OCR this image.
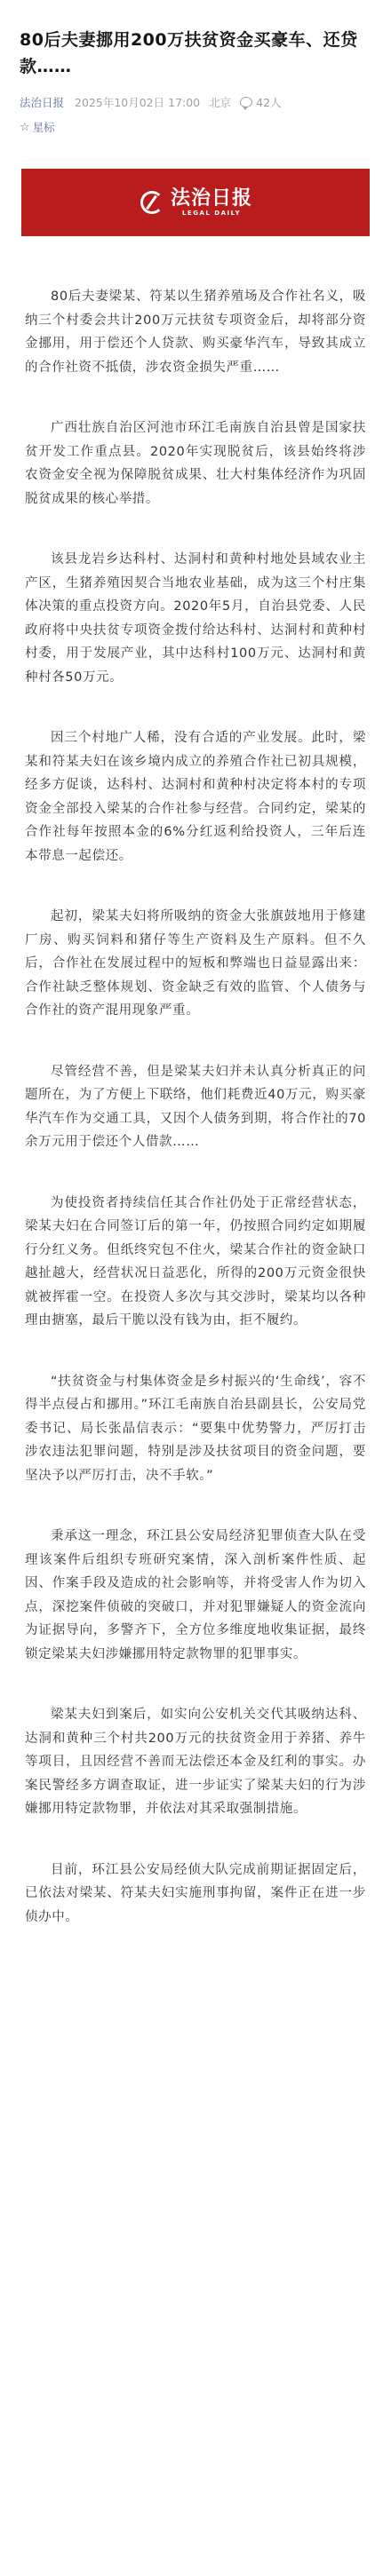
80后夫妻挪用200万扶贫资金买豪车、还贷款……
法治日报 2025年10月02日 17:00 北京 42人
☆ 星标
法治日报
LEGAL DAILY

80后夫妻梁某、符某以生猪养殖场及合作社名义，吸纳三个村委会共计200万元扶贫专项资金后，却将部分资金挪用，用于偿还个人贷款、购买豪华汽车，导致其成立的合作社资不抵债，涉农资金损失严重……

广西壮族自治区河池市环江毛南族自治县曾是国家扶贫开发工作重点县。2020年实现脱贫后，该县始终将涉农资金安全视为保障脱贫成果、壮大村集体经济作为巩固脱贫成果的核心举措。

该县龙岩乡达科村、达洞村和黄种村地处县域农业主产区，生猪养殖因契合当地农业基础，成为这三个村庄集体决策的重点投资方向。2020年5月，自治县党委、人民政府将中央扶贫专项资金拨付给达科村、达洞村和黄种村村委，用于发展产业，其中达科村100万元、达洞村和黄种村各50万元。

因三个村地广人稀，没有合适的产业发展。此时，梁某和符某夫妇在该乡境内成立的养殖合作社已初具规模，经多方促谈，达科村、达洞村和黄种村决定将本村的专项资金全部投入梁某的合作社参与经营。合同约定，梁某的合作社每年按照本金的6%分红返利给投资人，三年后连本带息一起偿还。

起初，梁某夫妇将所吸纳的资金大张旗鼓地用于修建厂房、购买饲料和猪仔等生产资料及生产原料。但不久后，合作社在发展过程中的短板和弊端也日益显露出来：合作社缺乏整体规划、资金缺乏有效的监管、个人债务与合作社的资产混用现象严重。

尽管经营不善，但是梁某夫妇并未认真分析真正的问题所在，为了方便上下联络，他们耗费近40万元，购买豪华汽车作为交通工具，又因个人债务到期，将合作社的70余万元用于偿还个人借款……

为使投资者持续信任其合作社仍处于正常经营状态，梁某夫妇在合同签订后的第一年，仍按照合同约定如期履行分红义务。但纸终究包不住火，梁某合作社的资金缺口越扯越大，经营状况日益恶化，所得的200万元资金很快就被挥霍一空。在投资人多次与其交涉时，梁某均以各种理由搪塞，最后干脆以没有钱为由，拒不履约。

“扶贫资金与村集体资金是乡村振兴的‘生命线’，容不得半点侵占和挪用。”环江毛南族自治县副县长，公安局党委书记、局长张晶信表示：“要集中优势警力，严厉打击涉农违法犯罪问题，特别是涉及扶贫项目的资金问题，要坚决予以严厉打击，决不手软。”

秉承这一理念，环江县公安局经济犯罪侦查大队在受理该案件后组织专班研究案情，深入剖析案件性质、起因、作案手段及造成的社会影响等，并将受害人作为切入点，深挖案件侦破的突破口，并对犯罪嫌疑人的资金流向为证据导向，多警齐下，全方位多维度地收集证据，最终锁定梁某夫妇涉嫌挪用特定款物罪的犯罪事实。

梁某夫妇到案后，如实向公安机关交代其吸纳达科、达洞和黄种三个村共200万元的扶贫资金用于养猪、养牛等项目，且因经营不善而无法偿还本金及红利的事实。办案民警经多方调查取证，进一步证实了梁某夫妇的行为涉嫌挪用特定款物罪，并依法对其采取强制措施。

目前，环江县公安局经侦大队完成前期证据固定后，已依法对梁某、符某夫妇实施刑事拘留，案件正在进一步侦办中。
